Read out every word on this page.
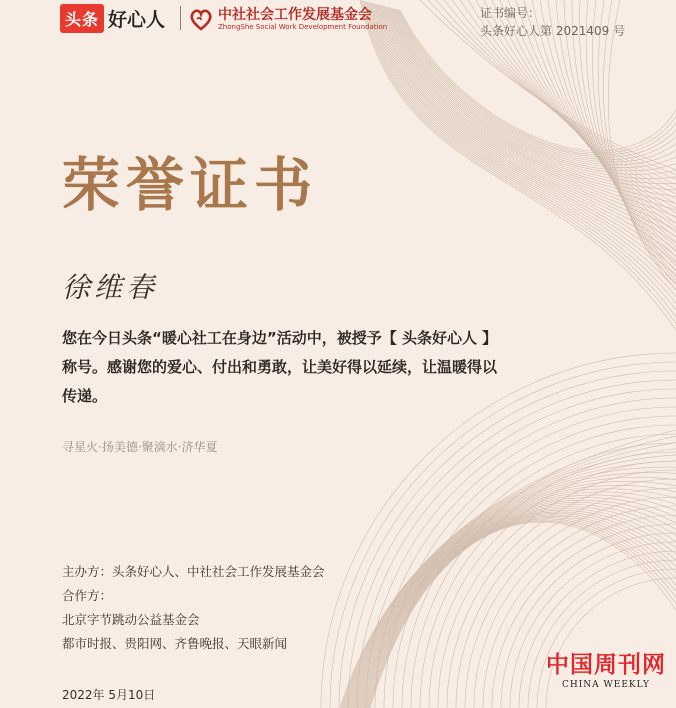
头条 好心人	中社社会工作发展基金会
ZhongShe Social Work Development Foundation
证书编号：
头条好心人第 2021409 号
荣誉证书
徐维春
您在今日头条“暖心社工在身边”活动中，被授予【 头条好心人 】
称号。感谢您的爱心、付出和勇敢，让美好得以延续，让温暖得以
传递。
寻星火·扬美德·聚滴水·济华夏
主办方：头条好心人、中社社会工作发展基金会
合作方：
北京字节跳动公益基金会
都市时报、贵阳网、齐鲁晚报、天眼新闻
2022年 5月10日
中国周刊网
CHINA WEEKLY
